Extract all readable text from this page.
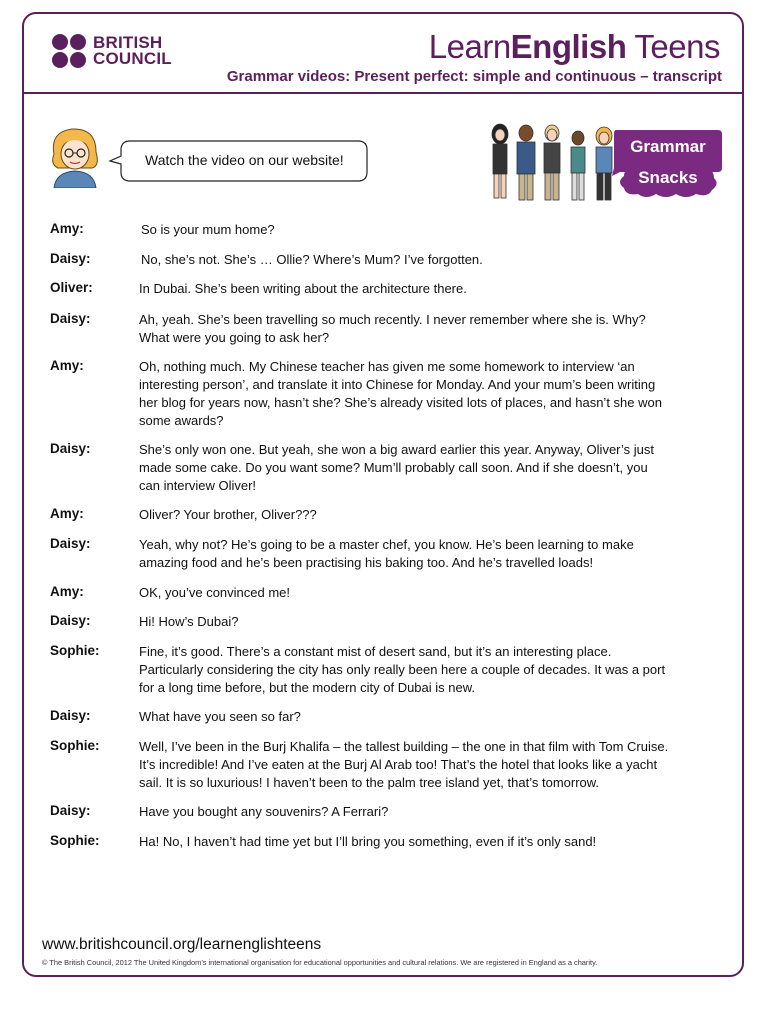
BRITISH
COUNCIL	LearnEnglish Teens
Grammar videos: Present perfect: simple and continuous – transcript
Watch the video on our website!
Grammar
Snacks
Amy:	So is your mum home?
Daisy:	No, she’s not. She’s … Ollie? Where’s Mum? I’ve forgotten.
Oliver:	In Dubai. She’s been writing about the architecture there.
Daisy:	Ah, yeah. She’s been travelling so much recently. I never remember where she is. Why?
What were you going to ask her?
Amy:	Oh, nothing much. My Chinese teacher has given me some homework to interview ‘an
interesting person’, and translate it into Chinese for Monday. And your mum’s been writing
her blog for years now, hasn’t she? She’s already visited lots of places, and hasn’t she won
some awards?
Daisy:	She’s only won one. But yeah, she won a big award earlier this year. Anyway, Oliver’s just
made some cake. Do you want some? Mum’ll probably call soon. And if she doesn’t, you
can interview Oliver!
Amy:	Oliver? Your brother, Oliver???
Daisy:	Yeah, why not? He’s going to be a master chef, you know. He’s been learning to make
amazing food and he’s been practising his baking too. And he’s travelled loads!
Amy:	OK, you’ve convinced me!
Daisy:	Hi! How’s Dubai?
Sophie:	Fine, it’s good. There’s a constant mist of desert sand, but it’s an interesting place.
Particularly considering the city has only really been here a couple of decades. It was a port
for a long time before, but the modern city of Dubai is new.
Daisy:	What have you seen so far?
Sophie:	Well, I’ve been in the Burj Khalifa – the tallest building – the one in that film with Tom Cruise.
It’s incredible! And I’ve eaten at the Burj Al Arab too! That’s the hotel that looks like a yacht
sail. It is so luxurious! I haven’t been to the palm tree island yet, that’s tomorrow.
Daisy:	Have you bought any souvenirs? A Ferrari?
Sophie:	Ha! No, I haven’t had time yet but I’ll bring you something, even if it’s only sand!
www.britishcouncil.org/learnenglishteens
© The British Council, 2012 The United Kingdom’s international organisation for educational opportunities and cultural relations. We are registered in England as a charity.
